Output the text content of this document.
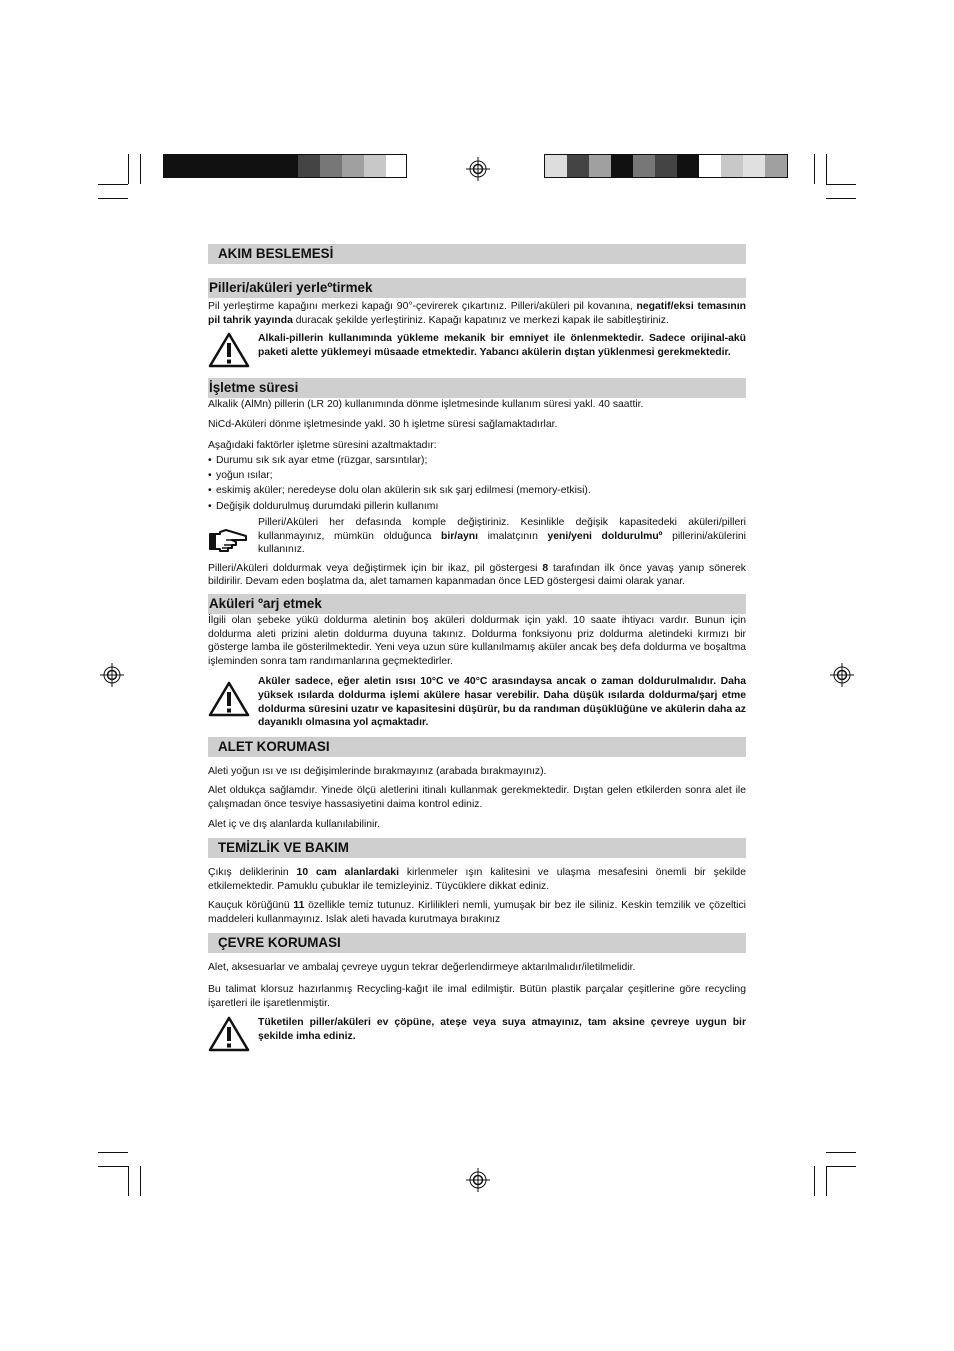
AKIM BESLEMESİ
Pilleri/aküleri yerleºtirmek

Pil yerleştirme kapağını merkezi kapağı 90°-çevirerek çıkartınız. Pilleri/aküleri pil kovanına, negatif/eksi temasının pil tahrik yayında duracak şekilde yerleştiriniz. Kapağı kapatınız ve merkezi kapak ile sabitleştiriniz.

Alkali-pillerin kullanımında yükleme mekanik bir emniyet ile önlenmektedir. Sadece orijinal-akü paketi alette yüklemeyi müsaade etmektedir. Yabancı akülerin dıştan yüklenmesi gerekmektedir.
İşletme süresi

Alkalik (AlMn) pillerin (LR 20) kullanımında dönme işletmesinde kullanım süresi yakl. 40 saattir.

NiCd-Aküleri dönme işletmesinde yakl. 30 h işletme süresi sağlamaktadırlar.

Aşağıdaki faktörler işletme süresini azaltmaktadır:

• Durumu sık sık ayar etme (rüzgar, sarsıntılar);
• yoğun ısılar;
• eskimiş aküler; neredeyse dolu olan akülerin sık sık şarj edilmesi (memory-etkisi).
• Değişik doldurulmuş durumdaki pillerin kullanımı
Pilleri/Aküleri her defasında komple değiştiriniz. Kesinlikle değişik kapasitedeki aküleri/pilleri kullanmayınız, mümkün olduğunca bir/aynı imalatçının yeni/yeni doldurulmuº pillerini/akülerini kullanınız.

Pilleri/Aküleri doldurmak veya değiştirmek için bir ikaz, pil göstergesi 8 tarafından ilk önce yavaş yanıp sönerek bildirilir. Devam eden boşlatma da, alet tamamen kapanmadan önce LED göstergesi daimi olarak yanar.

Aküleri ºarj etmek

İlgili olan şebeke yükü doldurma aletinin boş aküleri doldurmak için yakl. 10 saate ihtiyacı vardır. Bunun için doldurma aleti prizini aletin doldurma duyuna takınız. Doldurma fonksiyonu priz doldurma aletindeki kırmızı bir gösterge lamba ile gösterilmektedir. Yeni veya uzun süre kullanılmamış aküler ancak beş defa doldurma ve boşaltma işleminden sonra tam randımanlarına geçmektedirler.

Aküler sadece, eğer aletin ısısı 10°C ve 40°C arasındaysa ancak o zaman doldurulmalıdır. Daha yüksek ısılarda doldurma işlemi akülere hasar verebilir. Daha düşük ısılarda doldurma/şarj etme doldurma süresini uzatır ve kapasitesini düşürür, bu da randıman düşüklüğüne ve akülerin daha az dayanıklı olmasına yol açmaktadır.
ALET KORUMASI

Aleti yoğun ısı ve ısı değişimlerinde bırakmayınız (arabada bırakmayınız).

Alet oldukça sağlamdır. Yinede ölçü aletlerini itinalı kullanmak gerekmektedir. Dıştan gelen etkilerden sonra alet ile çalışmadan önce tesviye hassasiyetini daima kontrol ediniz.

Alet iç ve dış alanlarda kullanılabilinir.

TEMİZLİK VE BAKIM

Çıkış deliklerinin 10 cam alanlardaki kirlenmeler ışın kalitesini ve ulaşma mesafesini önemli bir şekilde etkilemektedir. Pamuklu çubuklar ile temizleyiniz. Tüycüklere dikkat ediniz.

Kauçuk körüğünü 11 özellikle temiz tutunuz. Kirlilikleri nemli, yumuşak bir bez ile siliniz. Keskin temzilik ve çözeltici maddeleri kullanmayınız. Islak aleti havada kurutmaya bırakınız

ÇEVRE KORUMASI

Alet, aksesuarlar ve ambalaj çevreye uygun tekrar değerlendirmeye aktarılmalıdır/iletilmelidir.

Bu talimat klorsuz hazırlanmış Recycling-kağıt ile imal edilmiştir. Bütün plastik parçalar çeşitlerine göre recycling işaretleri ile işaretlenmiştir.

Tüketilen piller/aküleri ev çöpüne, ateşe veya suya atmayınız, tam aksine çevreye uygun bir şekilde imha ediniz.
